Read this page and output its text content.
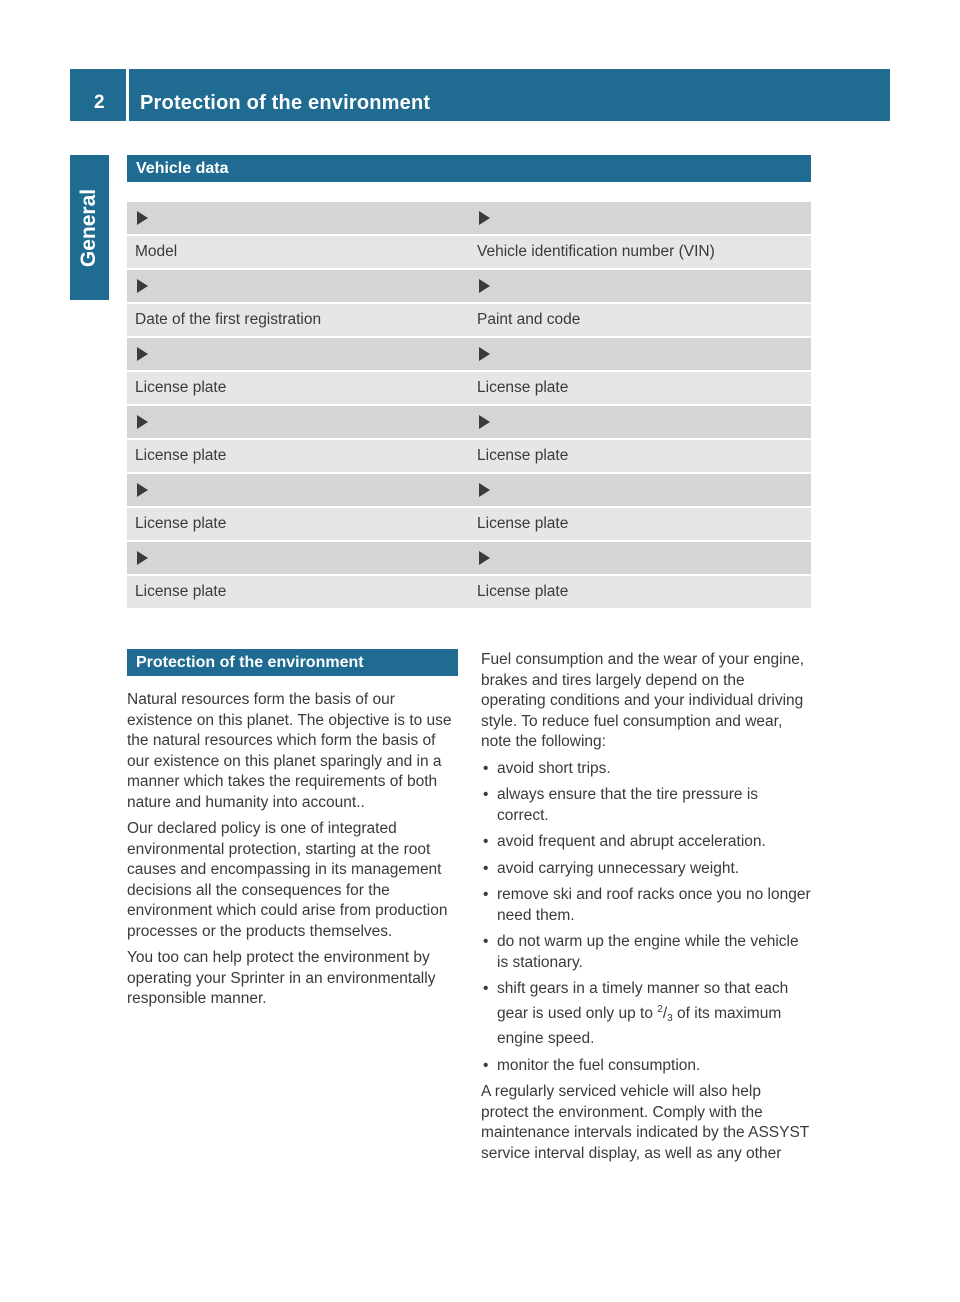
2	Protection of the environment
General
Vehicle data
Model	Vehicle identification number (VIN)
Date of the first registration	Paint and code
License plate	License plate
License plate	License plate
License plate	License plate
License plate	License plate
Protection of the environment

Natural resources form the basis of our existence on this planet. The objective is to use the natural resources which form the basis of our existence on this planet sparingly and in a manner which takes the requirements of both nature and humanity into account..

Our declared policy is one of integrated environmental protection, starting at the root causes and encompassing in its management decisions all the consequences for the environment which could arise from production processes or the products themselves.

You too can help protect the environment by operating your Sprinter in an environmentally responsible manner.

Fuel consumption and the wear of your engine, brakes and tires largely depend on the operating conditions and your individual driving style. To reduce fuel consumption and wear, note the following:

• avoid short trips.
• always ensure that the tire pressure is correct.
• avoid frequent and abrupt acceleration.
• avoid carrying unnecessary weight.
• remove ski and roof racks once you no longer need them.
• do not warm up the engine while the vehicle is stationary.
• shift gears in a timely manner so that each gear is used only up to $^2/_3$ of its maximum engine speed.
• monitor the fuel consumption.

A regularly serviced vehicle will also help protect the environment. Comply with the maintenance intervals indicated by the ASSYST service interval display, as well as any other
